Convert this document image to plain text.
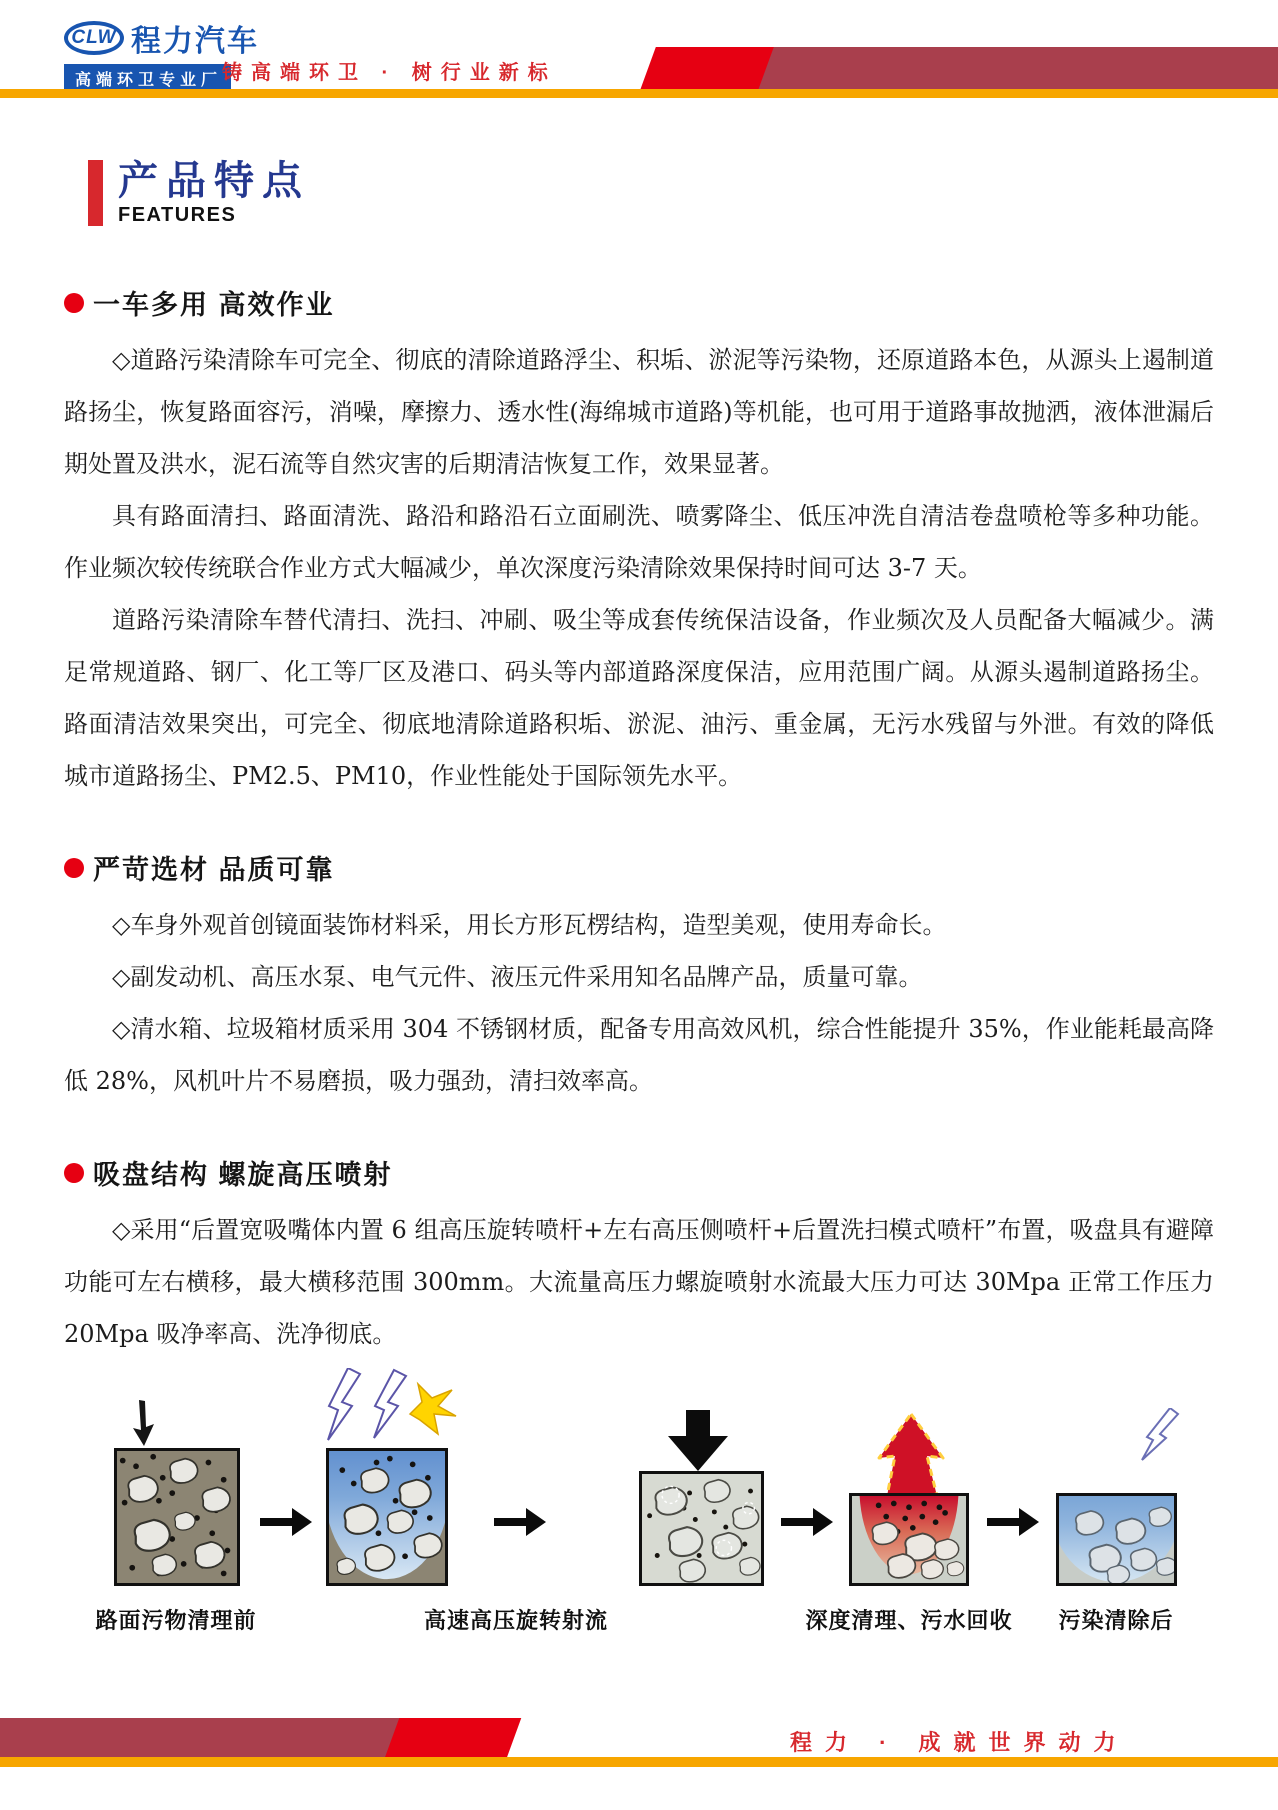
CLW 程力汽车
高端环卫专业厂 铸高端环卫 · 树行业新标
产品特点
FEATURES
一车多用 高效作业

◇道路污染清除车可完全、彻底的清除道路浮尘、积垢、淤泥等污染物，还原道路本色，从源头上遏制道路扬尘，恢复路面容污，消噪，摩擦力、透水性(海绵城市道路)等机能，也可用于道路事故抛洒，液体泄漏后期处置及洪水，泥石流等自然灾害的后期清洁恢复工作，效果显著。

具有路面清扫、路面清洗、路沿和路沿石立面刷洗、喷雾降尘、低压冲洗自清洁卷盘喷枪等多种功能。作业频次较传统联合作业方式大幅减少，单次深度污染清除效果保持时间可达 3-7 天。

道路污染清除车替代清扫、洗扫、冲刷、吸尘等成套传统保洁设备，作业频次及人员配备大幅减少。满足常规道路、钢厂、化工等厂区及港口、码头等内部道路深度保洁，应用范围广阔。从源头遏制道路扬尘。路面清洁效果突出，可完全、彻底地清除道路积垢、淤泥、油污、重金属，无污水残留与外泄。有效的降低城市道路扬尘、PM2.5、PM10，作业性能处于国际领先水平。

严苛选材 品质可靠

◇车身外观首创镜面装饰材料采，用长方形瓦楞结构，造型美观，使用寿命长。

◇副发动机、高压水泵、电气元件、液压元件采用知名品牌产品，质量可靠。

◇清水箱、垃圾箱材质采用 304 不锈钢材质，配备专用高效风机，综合性能提升 35%，作业能耗最高降低 28%，风机叶片不易磨损，吸力强劲，清扫效率高。

吸盘结构 螺旋高压喷射

◇采用“后置宽吸嘴体内置 6 组高压旋转喷杆+左右高压侧喷杆+后置洗扫模式喷杆”布置，吸盘具有避障功能可左右横移，最大横移范围 300mm。大流量高压力螺旋喷射水流最大压力可达 30Mpa 正常工作压力 20Mpa 吸净率高、洗净彻底。

路面污物清理前	高速高压旋转射流	深度清理、污水回收 污染清除后
程力 · 成就世界动力
